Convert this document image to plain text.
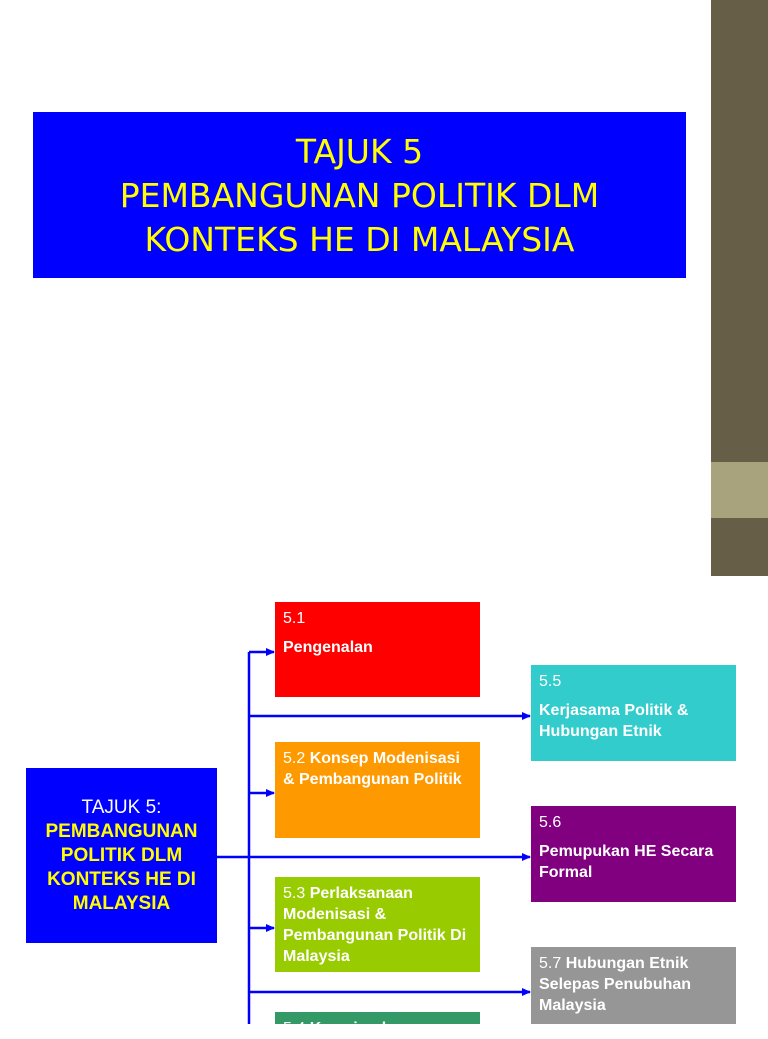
TAJUK 5
PEMBANGUNAN POLITIK DLM
KONTEKS HE DI MALAYSIA
TAJUK 5:
PEMBANGUNAN
POLITIK DLM
KONTEKS HE DI
MALAYSIA
5.1
Pengenalan
5.2 Konsep Modenisasi & Pembangunan Politik
5.3 Perlaksanaan Modenisasi & Pembangunan Politik Di Malaysia
5.4 Kemajmukan
5.5
Kerjasama Politik & Hubungan Etnik
5.6
Pemupukan HE Secara Formal
5.7 Hubungan Etnik Selepas Penubuhan Malaysia
